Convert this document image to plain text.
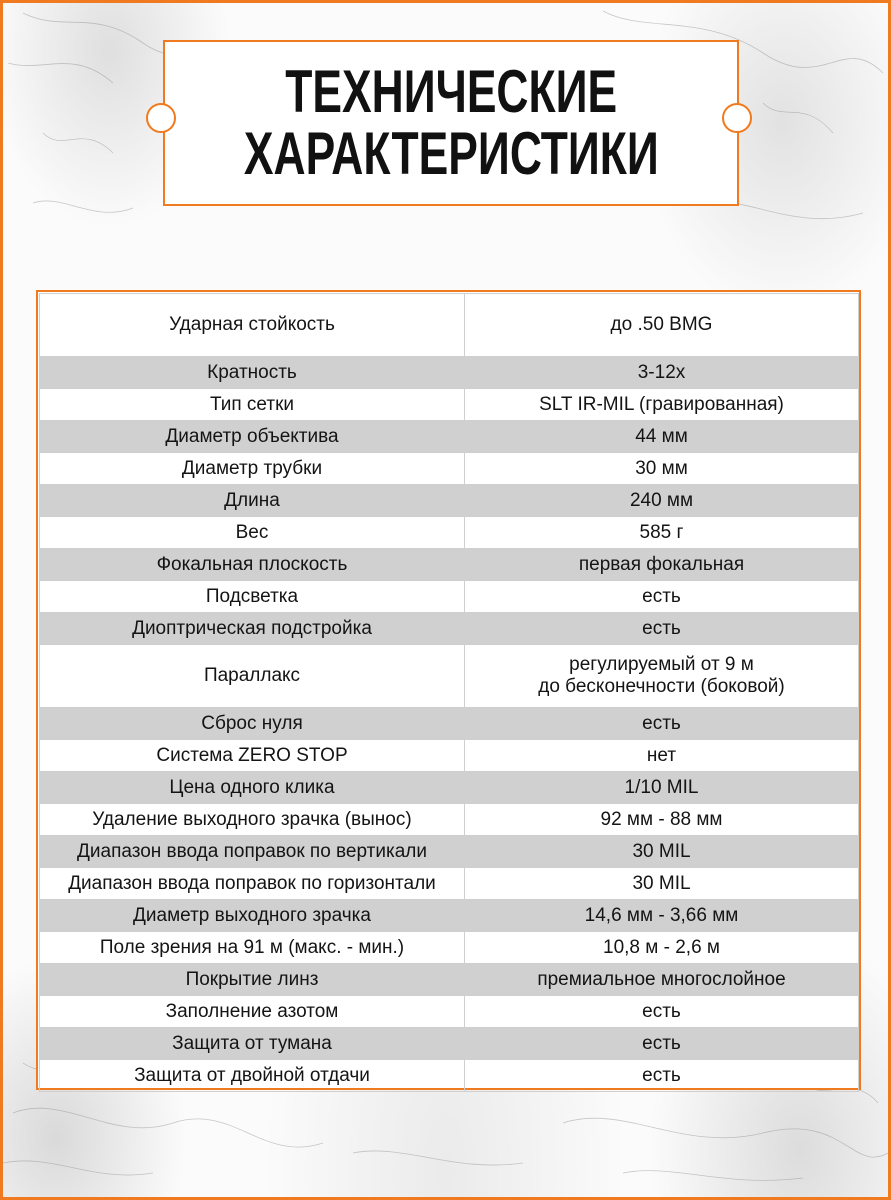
ТЕХНИЧЕСКИЕ
ХАРАКТЕРИСТИКИ
Ударная стойкость	до .50 BMG
Кратность	3-12x
Тип сетки	SLT IR-MIL (гравированная)
Диаметр объектива	44 мм
Диаметр трубки	30 мм
Длина	240 мм
Вес	585 г
Фокальная плоскость	первая фокальная
Подсветка	есть
Диоптрическая подстройка	есть
Параллакс	регулируемый от 9 м
до бесконечности (боковой)
Сброс нуля	есть
Система ZERO STOP	нет
Цена одного клика	1/10 MIL
Удаление выходного зрачка (вынос)	92 мм - 88 мм
Диапазон ввода поправок по вертикали	30 MIL
Диапазон ввода поправок по горизонтали	30 MIL
Диаметр выходного зрачка	14,6 мм - 3,66 мм
Поле зрения на 91 м (макс. - мин.)	10,8 м - 2,6 м
Покрытие линз	премиальное многослойное
Заполнение азотом	есть
Защита от тумана	есть
Защита от двойной отдачи	есть
